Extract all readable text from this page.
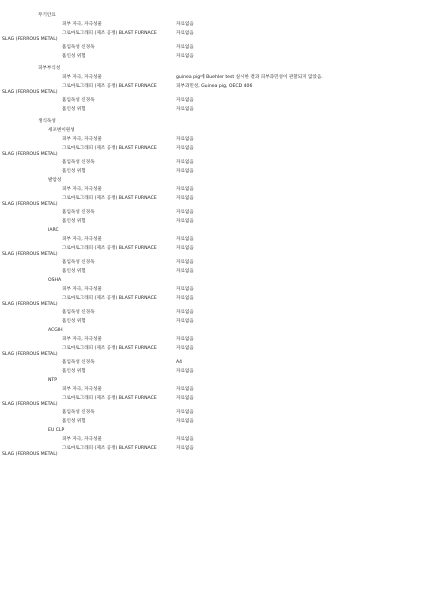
무기안료
피부 자극, 자극성물	자료없음
그로마토그래피 (제조 공정) BLAST FURNACE	자료없음
SLAG (FERROUS METAL)
흡입독성 신경독	자료없음
흡인성 위험	자료없음
피부부식성
피부 자극, 자극성물	guinea pig에 Buehler test 실시한 결과 피부과민성이 관찰되지 않았음.
그로마토그래피 (제조 공정) BLAST FURNACE	피부과민성, Guinea pig, OECD 406
SLAG (FERROUS METAL)
흡입독성 신경독	자료없음
흡인성 위험	자료없음
생식독성
세포변이원성
피부 자극, 자극성물	자료없음
그로마토그래피 (제조 공정) BLAST FURNACE	자료없음
SLAG (FERROUS METAL)
흡입독성 신경독	자료없음
흡인성 위험	자료없음
발암성
피부 자극, 자극성물	자료없음
그로마토그래피 (제조 공정) BLAST FURNACE	자료없음
SLAG (FERROUS METAL)
흡입독성 신경독	자료없음
흡인성 위험	자료없음
IARC
피부 자극, 자극성물	자료없음
그로마토그래피 (제조 공정) BLAST FURNACE	자료없음
SLAG (FERROUS METAL)
흡입독성 신경독	자료없음
흡인성 위험	자료없음
OSHA
피부 자극, 자극성물	자료없음
그로마토그래피 (제조 공정) BLAST FURNACE	자료없음
SLAG (FERROUS METAL)
흡입독성 신경독	자료없음
흡인성 위험	자료없음
ACGIH
피부 자극, 자극성물	자료없음
그로마토그래피 (제조 공정) BLAST FURNACE	자료없음
SLAG (FERROUS METAL)
흡입독성 신경독	A4
흡인성 위험	자료없음
NTP
피부 자극, 자극성물	자료없음
그로마토그래피 (제조 공정) BLAST FURNACE	자료없음
SLAG (FERROUS METAL)
흡입독성 신경독	자료없음
흡인성 위험	자료없음
EU CLP
피부 자극, 자극성물	자료없음
그로마토그래피 (제조 공정) BLAST FURNACE	자료없음
SLAG (FERROUS METAL)
